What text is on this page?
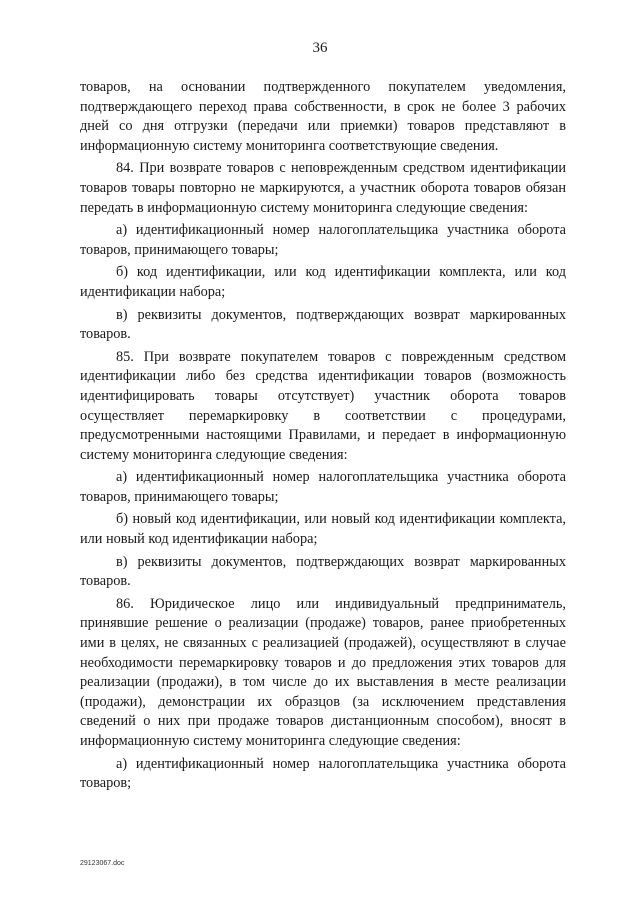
36

товаров, на основании подтвержденного покупателем уведомления, подтверждающего переход права собственности, в срок не более 3 рабочих дней со дня отгрузки (передачи или приемки) товаров представляют в информационную систему мониторинга соответствующие сведения.

84. При возврате товаров с неповрежденным средством идентификации товаров товары повторно не маркируются, а участник оборота товаров обязан передать в информационную систему мониторинга следующие сведения:

а) идентификационный номер налогоплательщика участника оборота товаров, принимающего товары;

б) код идентификации, или код идентификации комплекта, или код идентификации набора;

в) реквизиты документов, подтверждающих возврат маркированных товаров.

85. При возврате покупателем товаров с поврежденным средством идентификации либо без средства идентификации товаров (возможность идентифицировать товары отсутствует) участник оборота товаров осуществляет перемаркировку в соответствии с процедурами, предусмотренными настоящими Правилами, и передает в информационную систему мониторинга следующие сведения:

а) идентификационный номер налогоплательщика участника оборота товаров, принимающего товары;

б) новый код идентификации, или новый код идентификации комплекта, или новый код идентификации набора;

в) реквизиты документов, подтверждающих возврат маркированных товаров.

86. Юридическое лицо или индивидуальный предприниматель, принявшие решение о реализации (продаже) товаров, ранее приобретенных ими в целях, не связанных с реализацией (продажей), осуществляют в случае необходимости перемаркировку товаров и до предложения этих товаров для реализации (продажи), в том числе до их выставления в месте реализации (продажи), демонстрации их образцов (за исключением представления сведений о них при продаже товаров дистанционным способом), вносят в информационную систему мониторинга следующие сведения:

а) идентификационный номер налогоплательщика участника оборота товаров;

29123067.doc
